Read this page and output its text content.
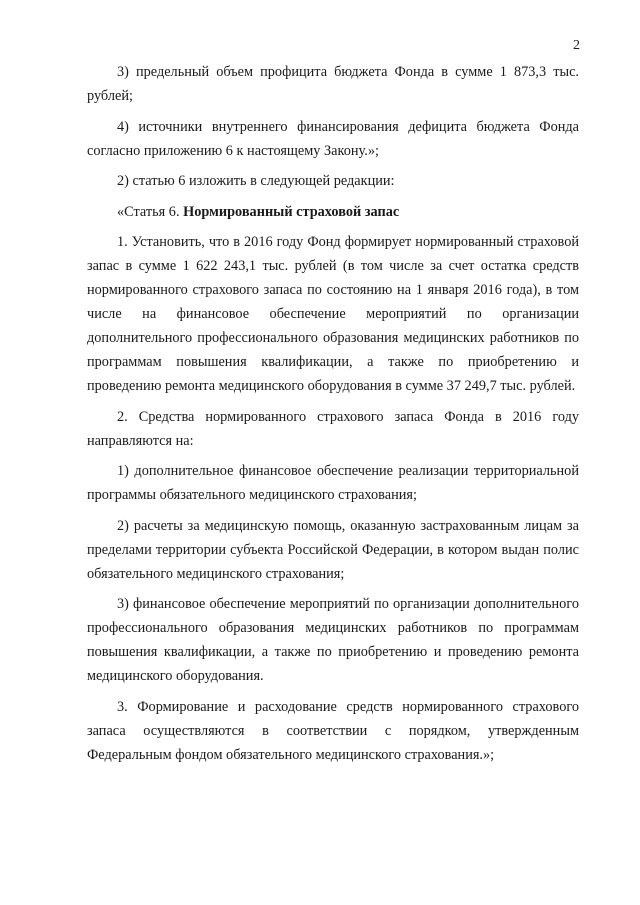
2

3) предельный объем профицита бюджета Фонда в сумме 1 873,3 тыс. рублей;

4) источники внутреннего финансирования дефицита бюджета Фонда согласно приложению 6 к настоящему Закону.»;

2) статью 6 изложить в следующей редакции:

«Статья 6. Нормированный страховой запас

1. Установить, что в 2016 году Фонд формирует нормированный страховой запас в сумме 1 622 243,1 тыс. рублей (в том числе за счет остатка средств нормированного страхового запаса по состоянию на 1 января 2016 года), в том числе на финансовое обеспечение мероприятий по организации дополнительного профессионального образования медицинских работников по программам повышения квалификации, а также по приобретению и проведению ремонта медицинского оборудования в сумме 37 249,7 тыс. рублей.

2. Средства нормированного страхового запаса Фонда в 2016 году направляются на:

1) дополнительное финансовое обеспечение реализации территориальной программы обязательного медицинского страхования;

2) расчеты за медицинскую помощь, оказанную застрахованным лицам за пределами территории субъекта Российской Федерации, в котором выдан полис обязательного медицинского страхования;

3) финансовое обеспечение мероприятий по организации дополнительного профессионального образования медицинских работников по программам повышения квалификации, а также по приобретению и проведению ремонта медицинского оборудования.

3. Формирование и расходование средств нормированного страхового запаса осуществляются в соответствии с порядком, утвержденным Федеральным фондом обязательного медицинского страхования.»;
